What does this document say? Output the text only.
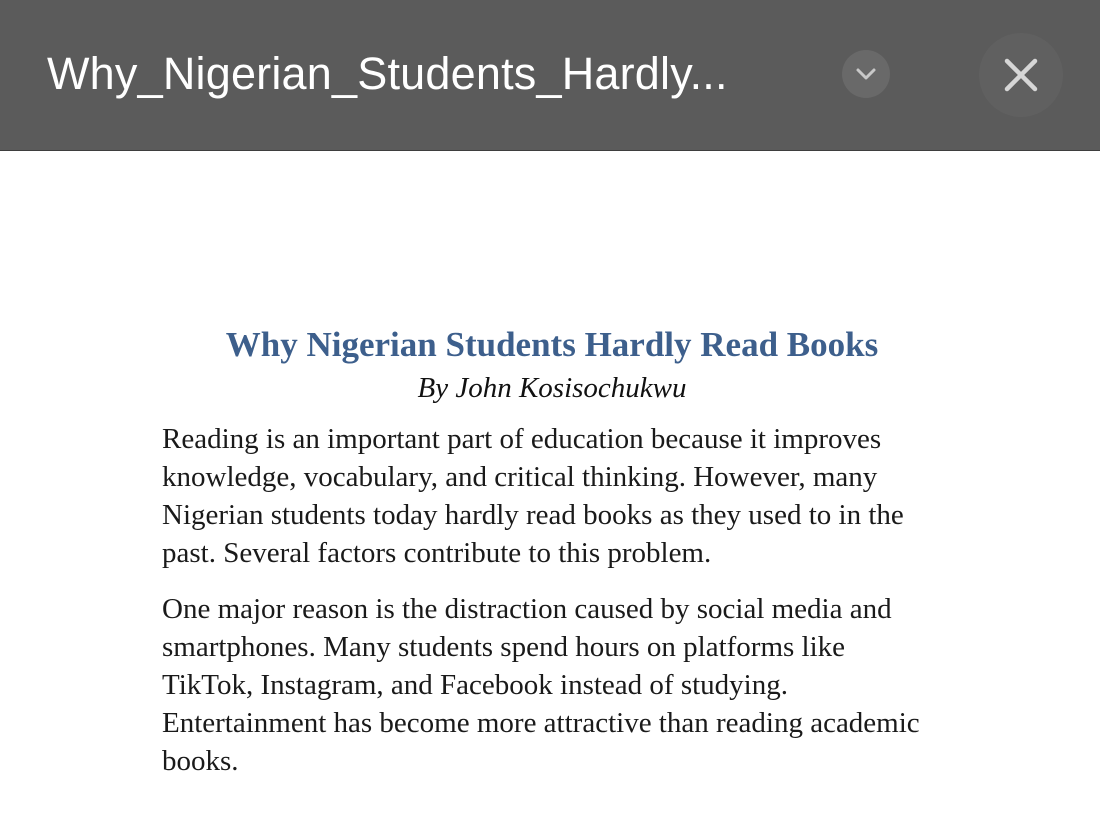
Why_Nigerian_Students_Hardly...
Why Nigerian Students Hardly Read Books

By John Kosisochukwu

Reading is an important part of education because it improves knowledge, vocabulary, and critical thinking. However, many Nigerian students today hardly read books as they used to in the past. Several factors contribute to this problem.

One major reason is the distraction caused by social media and smartphones. Many students spend hours on platforms like TikTok, Instagram, and Facebook instead of studying. Entertainment has become more attractive than reading academic books.
